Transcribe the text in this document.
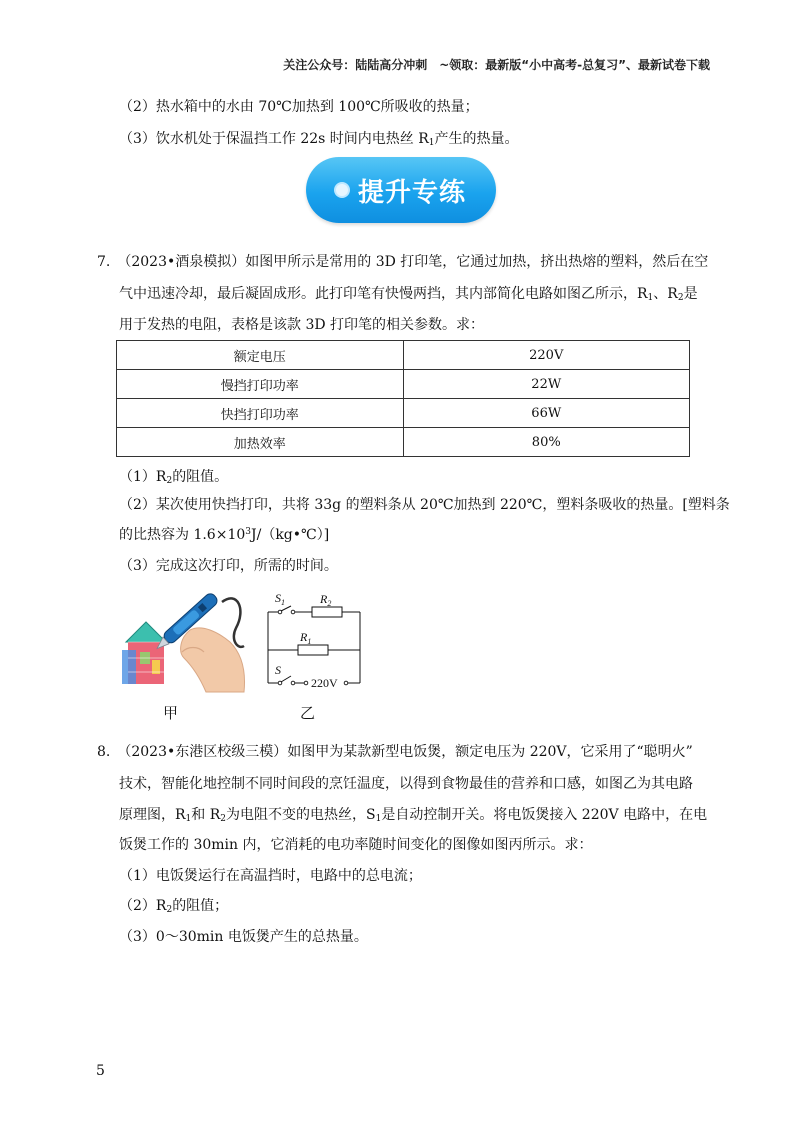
关注公众号：陆陆高分冲刺　~领取：最新版“小中高考-总复习”、最新试卷下载
（2）热水箱中的水由 70℃加热到 100℃所吸收的热量；
（3）饮水机处于保温挡工作 22s 时间内电热丝 $R_1$产生的热量。
提升专练
7.　（2023•酒泉模拟）如图甲所示是常用的 3D 打印笔，它通过加热，挤出热熔的塑料，然后在空
气中迅速冷却，最后凝固成形。此打印笔有快慢两挡，其内部简化电路如图乙所示，$R_1$、$R_2$是
用于发热的电阻，表格是该款 3D 打印笔的相关参数。求：
额定电压	220V
慢挡打印功率	22W
快挡打印功率	66W
加热效率	80%
$(1)R_2$的阻值。
（2）某次使用快挡打印，共将 33g 的塑料条从 20℃加热到 220℃，塑料条吸收的热量。[塑料条
的比热容为 $1.6\times 10^3J/(kg•℃)$]
（3）完成这次打印，所需的时间。
$S_1$	$R_2$
$R_1$
S
220V
甲	乙
8.　（2023•东港区校级三模）如图甲为某款新型电饭煲，额定电压为 220V，它采用了“聪明火”
技术，智能化地控制不同时间段的烹饪温度，以得到食物最佳的营养和口感，如图乙为其电路
原理图，$R_1$和 $R_2$为电阻不变的电热丝，$S_1$是自动控制开关。将电饭煲接入 220V 电路中，在电
饭煲工作的 30min 内，它消耗的电功率随时间变化的图像如图丙所示。求：
（1）电饭煲运行在高温挡时，电路中的总电流；
$(2)R_2$的阻值；
（3）0～30min 电饭煲产生的总热量。
5
